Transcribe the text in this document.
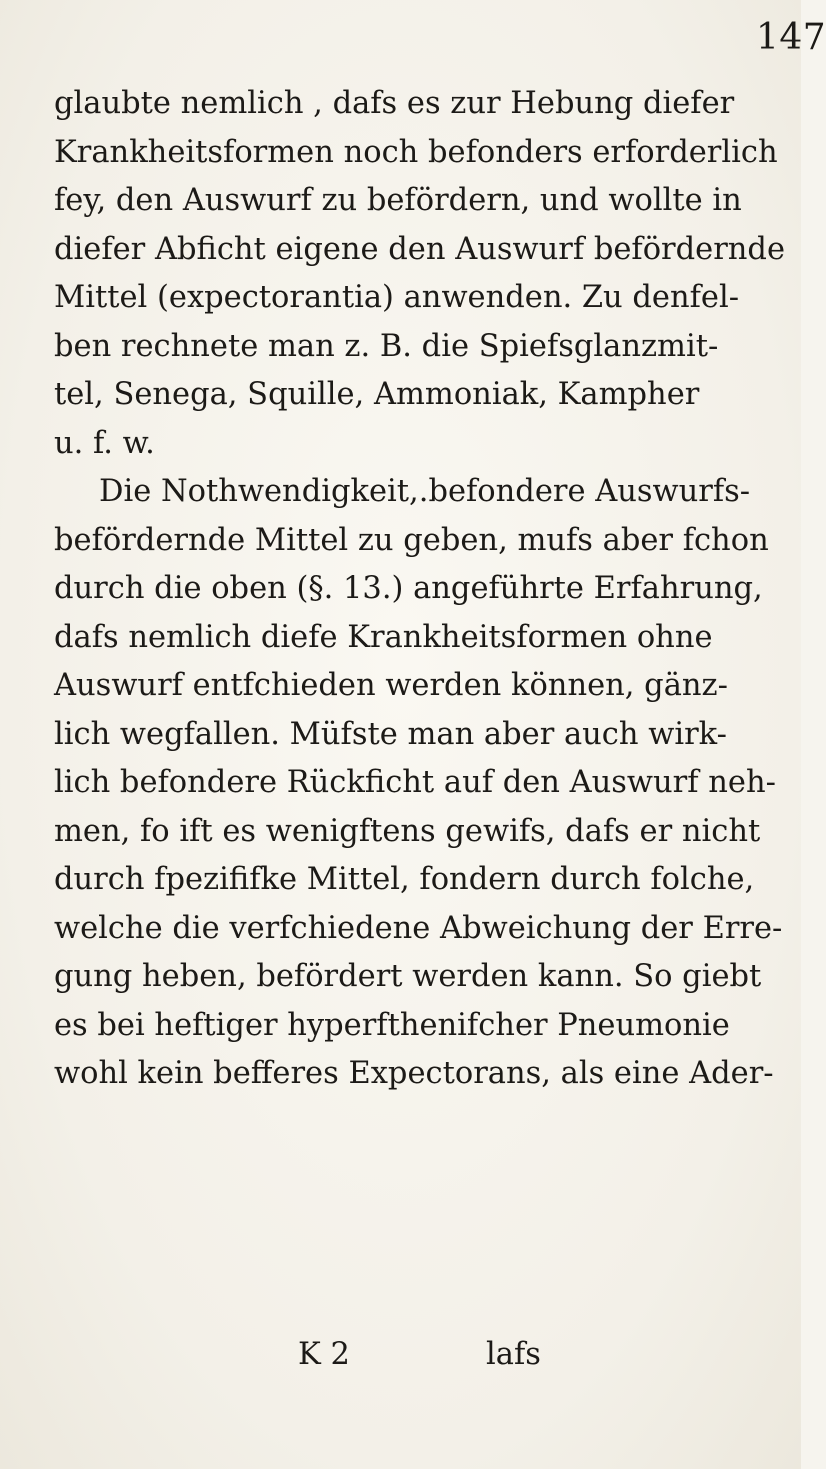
147
glaubte nemlich , dafs es zur Hebung diefer
Krankheitsformen noch befonders erforderlich
fey, den Auswurf zu befördern, und wollte in
diefer Abficht eigene den Auswurf befördernde
Mittel (expectorantia) anwenden. Zu denfel-
ben rechnete man z. B. die Spiefsglanzmit-
tel, Senega, Squille, Ammoniak, Kampher
u. f. w.
Die Nothwendigkeit,.befondere Auswurfs-
befördernde Mittel zu geben, mufs aber fchon
durch die oben (§. 13.) angeführte Erfahrung,
dafs nemlich diefe Krankheitsformen ohne
Auswurf entfchieden werden können, gänz-
lich wegfallen. Müfste man aber auch wirk-
lich befondere Rückficht auf den Auswurf neh-
men, fo ift es wenigftens gewifs, dafs er nicht
durch fpezififke Mittel, fondern durch folche,
welche die verfchiedene Abweichung der Erre-
gung heben, befördert werden kann. So giebt
es bei heftiger hyperfthenifcher Pneumonie
wohl kein befferes Expectorans, als eine Ader-
K 2	lafs
